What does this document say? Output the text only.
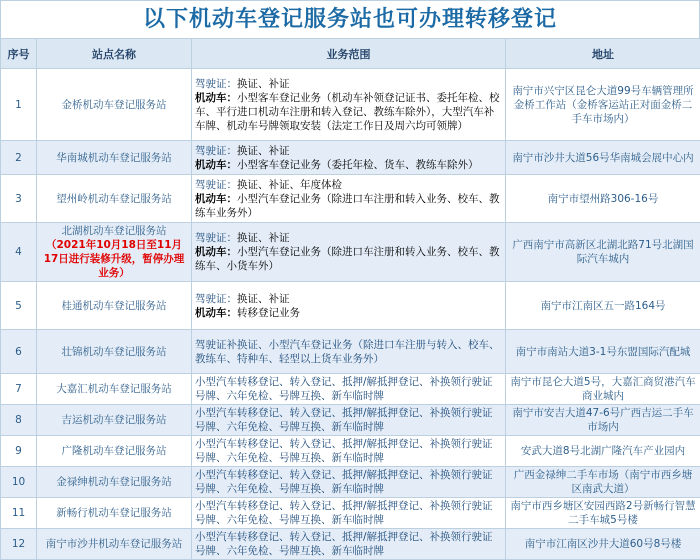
以下机动车登记服务站也可办理转移登记
序号	站点名称	业务范围	地址
1	金桥机动车登记服务站	驾驶证：换证、补证
机动车：小型客车登记业务（机动车补领登记证书、委托年检、校车、平行进口机动车注册和转入登记、教练车除外），大型汽车补车牌、机动车号牌领取安装（法定工作日及周六均可领牌）	南宁市兴宁区昆仑大道99号车辆管理所金桥工作站（金桥客运站正对面金桥二手车市场内）
2	华南城机动车登记服务站	驾驶证：换证、补证
机动车：小型客车登记业务（委托年检、货车、教练车除外）	南宁市沙井大道56号华南城会展中心内
3	望州岭机动车登记服务站	驾驶证：换证、补证、年度体检
机动车：小型汽车登记业务（除进口车注册和转入业务、校车、教练车业务外）	南宁市望州路306-16号
4	北湖机动车登记服务站
（2021年10月18日至11月17日进行装修升级，暂停办理业务）	驾驶证：换证、补证
机动车：小型汽车登记业务（除进口车注册和转入业务、校车、教练车、小货车外）	广西南宁市高新区北湖北路71号北湖国际汽车城内
5	桂通机动车登记服务站	驾驶证：换证、补证
机动车：转移登记业务	南宁市江南区五一路164号
6	壮锦机动车登记服务站	驾驶证补换证、小型汽车登记业务（除进口车注册与转入、校车、教练车、特种车、轻型以上货车业务外）	南宁市南站大道3-1号东盟国际汽配城
7	大嘉汇机动车登记服务站	小型汽车转移登记、转入登记、抵押/解抵押登记、补换领行驶证号牌、六年免检、号牌互换、新车临时牌	南宁市昆仑大道5号，大嘉汇商贸港汽车商业城内
8	吉运机动车登记服务站	小型汽车转移登记、转入登记、抵押/解抵押登记、补换领行驶证号牌、六年免检、号牌互换、新车临时牌	南宁市安吉大道47-6号广西吉运二手车市场内
9	广隆机动车登记服务站	小型汽车转移登记、转入登记、抵押/解抵押登记、补换领行驶证号牌、六年免检、号牌互换、新车临时牌	安武大道8号北湖广隆汽车产业园内
10	金禄绅机动车登记服务站	小型汽车转移登记、转入登记、抵押/解抵押登记、补换领行驶证号牌、六年免检、号牌互换、新车临时牌	广西金禄绅二手车市场（南宁市西乡塘区南武大道）
11	新畅行机动车登记服务站	小型汽车转移登记、转入登记、抵押/解抵押登记、补换领行驶证号牌、六年免检、号牌互换、新车临时牌	南宁市西乡塘区安园西路2号新畅行智慧二手车城5号楼
12	南宁市沙井机动车登记服务站	小型汽车转移登记、转入登记、抵押/解抵押登记、补换领行驶证号牌、六年免检、号牌互换、新车临时牌	南宁市江南区沙井大道60号8号楼
